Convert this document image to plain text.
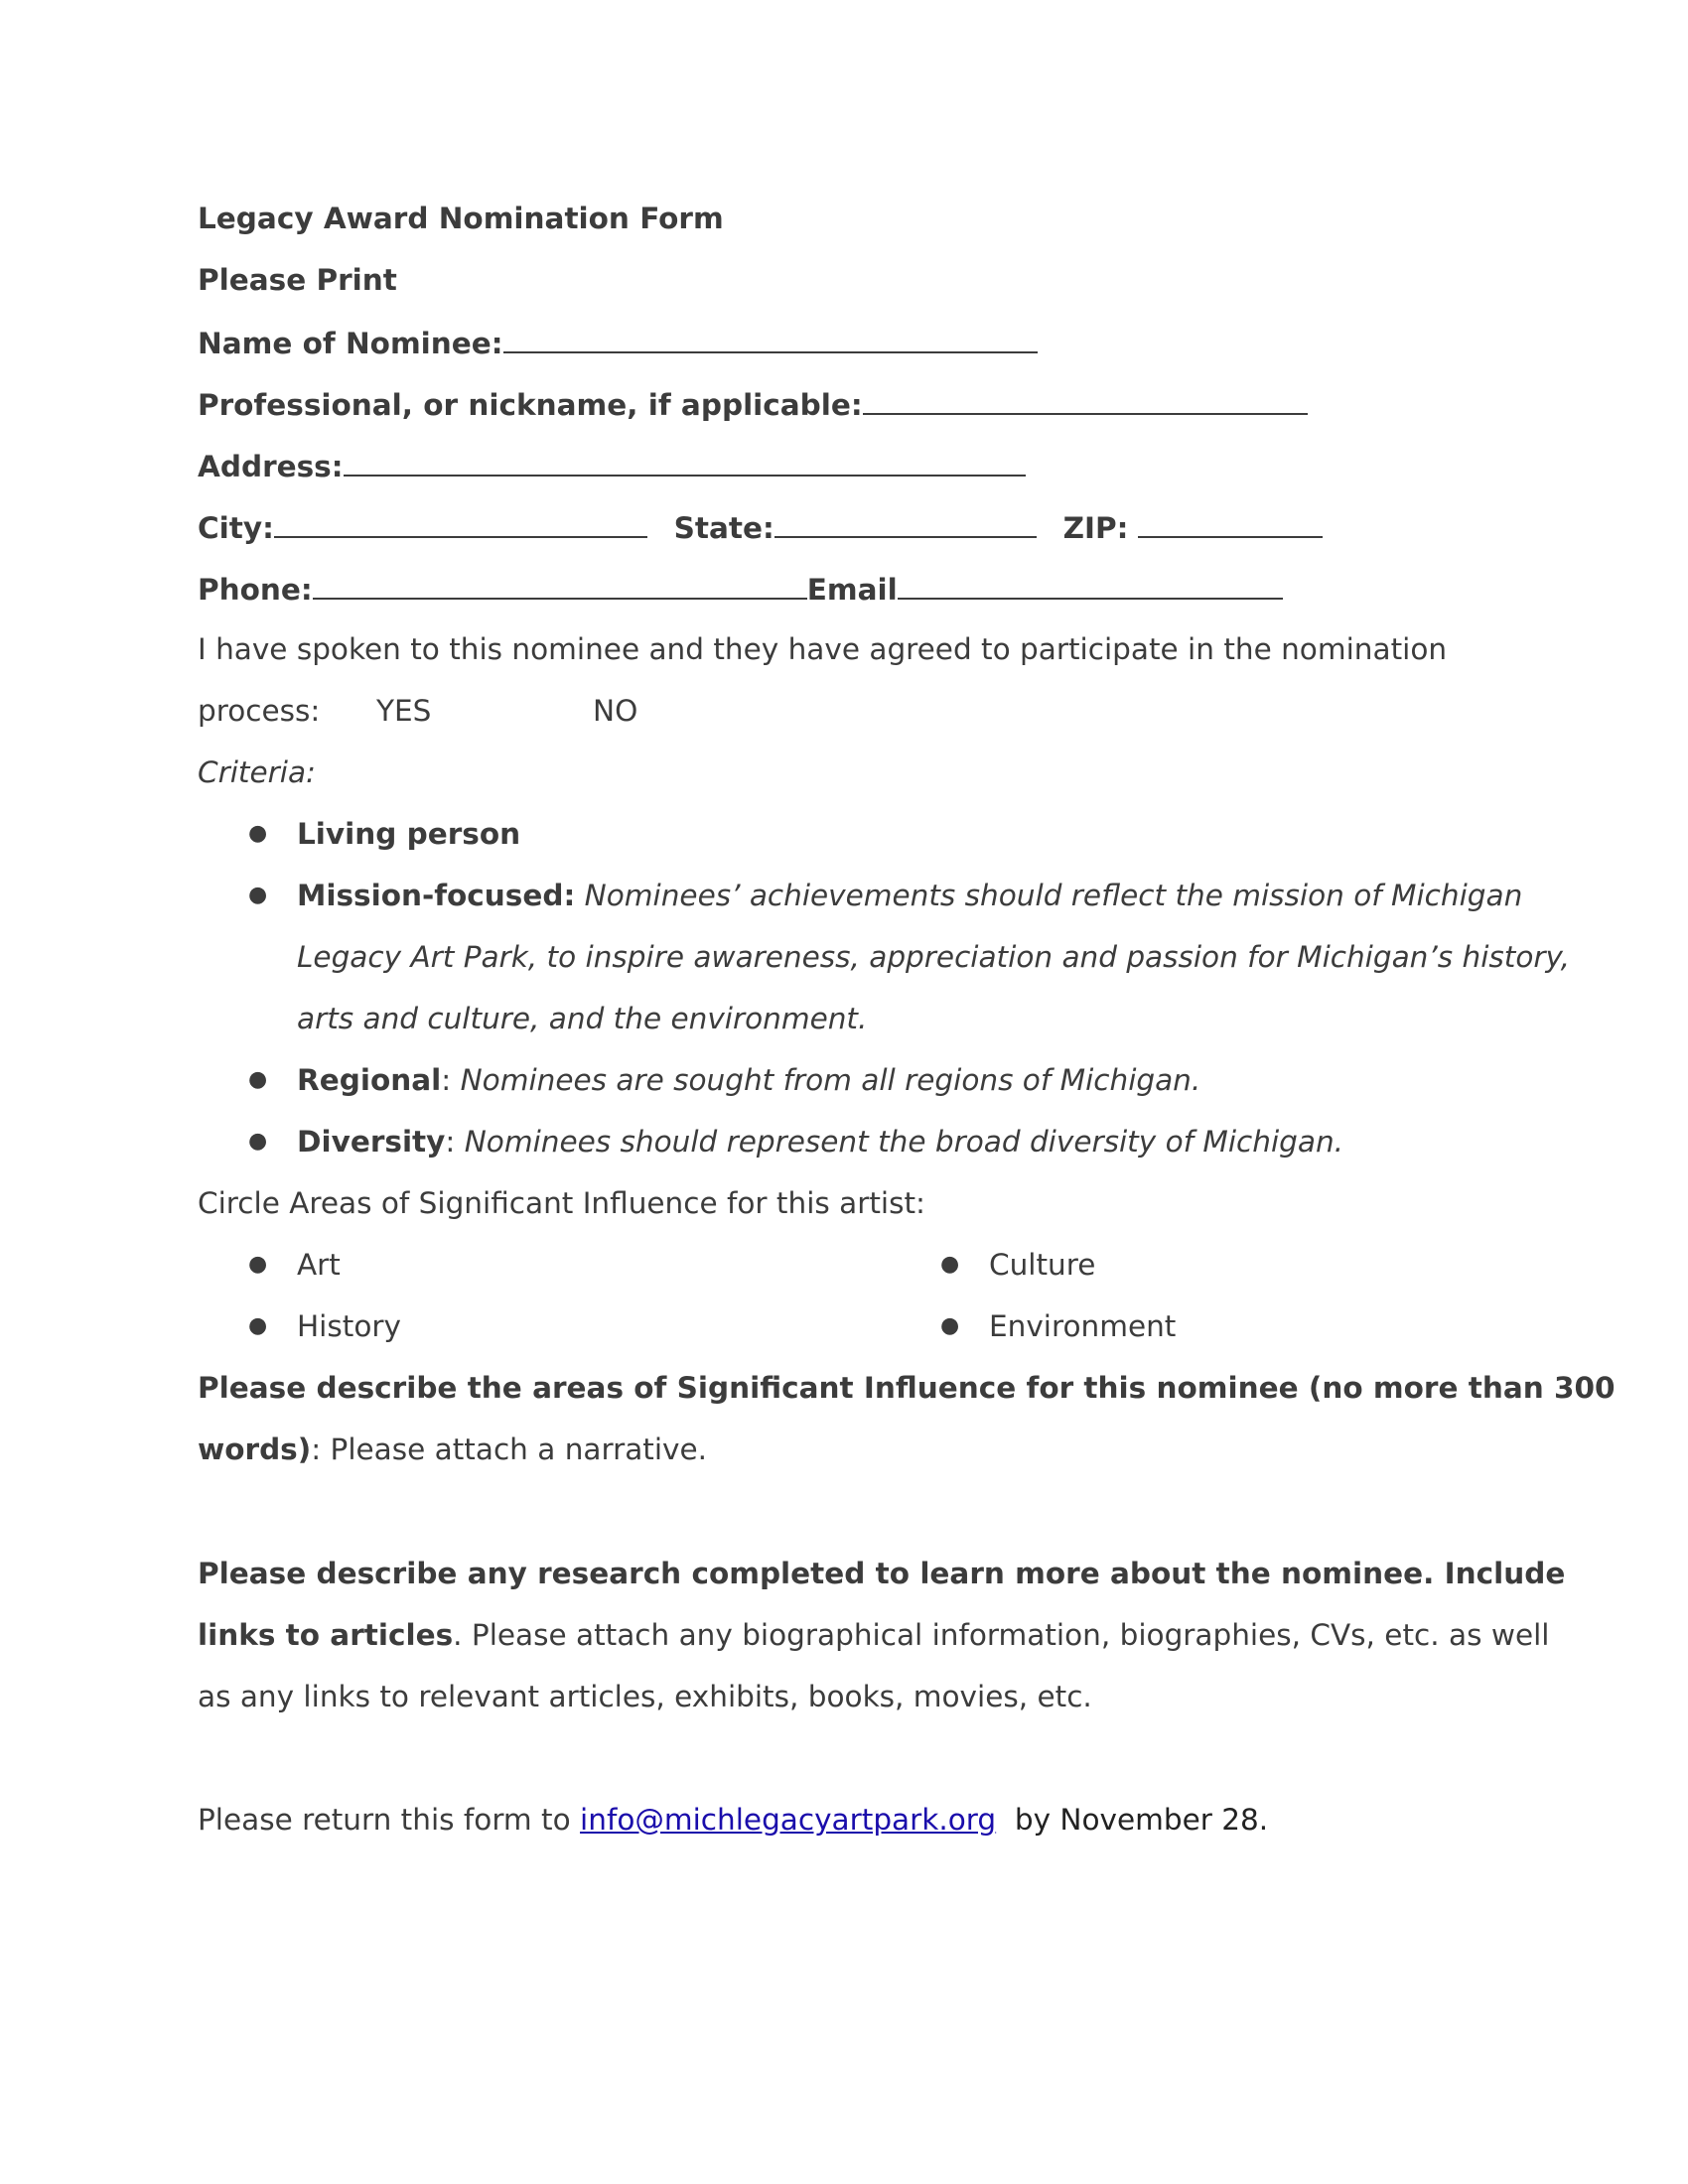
Legacy Award Nomination Form
Please Print
Name of Nominee:
Professional, or nickname, if applicable:
Address:
City:	State:	ZIP:
Phone:	Email
I have spoken to this nominee and they have agreed to participate in the nomination
process: YES	NO
Criteria:
● Living person
● Mission-focused: Nominees’ achievements should reflect the mission of Michigan
Legacy Art Park, to inspire awareness, appreciation and passion for Michigan’s history,
arts and culture, and the environment.
● Regional: Nominees are sought from all regions of Michigan.
● Diversity: Nominees should represent the broad diversity of Michigan.
Circle Areas of Significant Influence for this artist:
● Art	● Culture
● History	● Environment
Please describe the areas of Significant Influence for this nominee (no more than 300
words): Please attach a narrative.
Please describe any research completed to learn more about the nominee. Include
links to articles. Please attach any biographical information, biographies, CVs, etc. as well
as any links to relevant articles, exhibits, books, movies, etc.
Please return this form to info@michlegacyartpark.org  by November 28.
